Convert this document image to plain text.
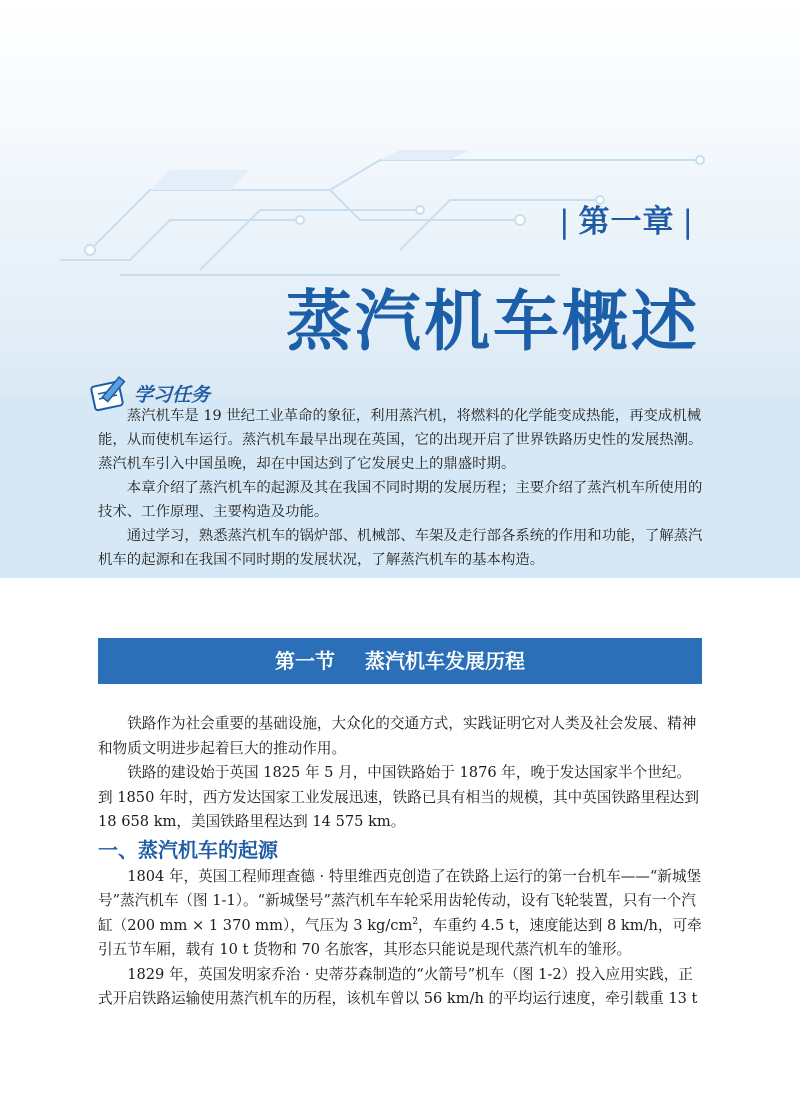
| 第一章 |
蒸汽机车概述
学习任务

蒸汽机车是 19 世纪工业革命的象征，利用蒸汽机，将燃料的化学能变成热能，再变成机械能，从而使机车运行。蒸汽机车最早出现在英国，它的出现开启了世界铁路历史性的发展热潮。蒸汽机车引入中国虽晚，却在中国达到了它发展史上的鼎盛时期。

本章介绍了蒸汽机车的起源及其在我国不同时期的发展历程；主要介绍了蒸汽机车所使用的技术、工作原理、主要构造及功能。

通过学习，熟悉蒸汽机车的锅炉部、机械部、车架及走行部各系统的作用和功能，了解蒸汽机车的起源和在我国不同时期的发展状况，了解蒸汽机车的基本构造。

第一节 蒸汽机车发展历程

铁路作为社会重要的基础设施，大众化的交通方式，实践证明它对人类及社会发展、精神和物质文明进步起着巨大的推动作用。

铁路的建设始于英国 1825 年 5 月，中国铁路始于 1876 年，晚于发达国家半个世纪。到 1850 年时，西方发达国家工业发展迅速，铁路已具有相当的规模，其中英国铁路里程达到 18 658 km，美国铁路里程达到 14 575 km。

一、蒸汽机车的起源

1804 年，英国工程师理查德 · 特里维西克创造了在铁路上运行的第一台机车——“新城堡号”蒸汽机车（图 1-1）。“新城堡号”蒸汽机车车轮采用齿轮传动，设有飞轮装置，只有一个汽缸（200 mm × 1 370 mm），气压为 3 $kg/cm^2$，车重约 4.5 t，速度能达到 8 km/h，可牵引五节车厢，载有 10 t 货物和 70 名旅客，其形态只能说是现代蒸汽机车的雏形。

1829 年，英国发明家乔治 · 史蒂芬森制造的“火箭号”机车（图 1-2）投入应用实践，正式开启铁路运输使用蒸汽机车的历程，该机车曾以 56 km/h 的平均运行速度，牵引载重 13 t
